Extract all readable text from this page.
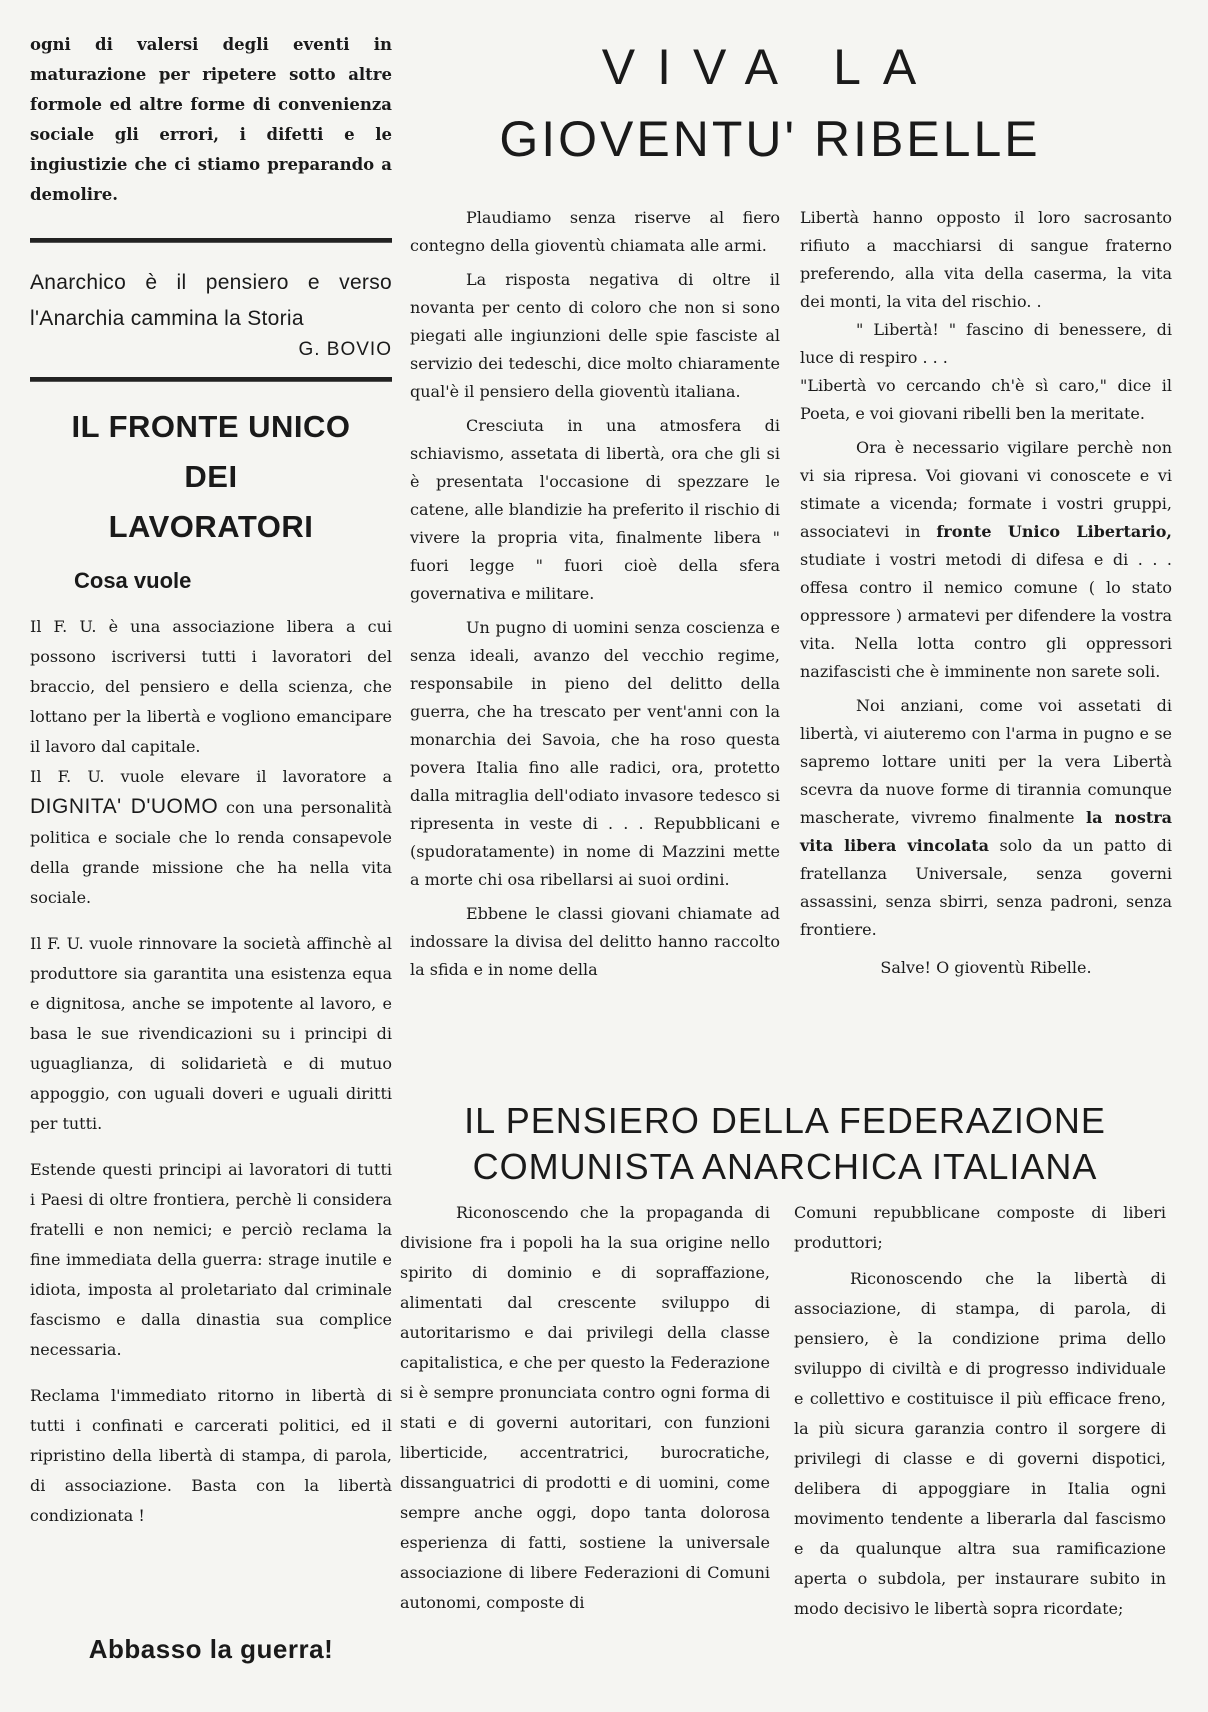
ogni di valersi degli eventi in maturazione per ripetere sotto altre formole ed altre forme di convenienza sociale gli errori, i difetti e le ingiustizie che ci stiamo preparando a demolire.

Anarchico è il pensiero e verso l'Anarchia cammina la Storia

G. BOVIO

IL FRONTE UNICO

DEI

LAVORATORI

Cosa vuole

Il F. U. è una associazione libera a cui possono iscriversi tutti i lavoratori del braccio, del pensiero e della scienza, che lottano per la libertà e vogliono emancipare il lavoro dal capitale.

Il F. U. vuole elevare il lavoratore a DIGNITA' D'UOMO con una personalità politica e sociale che lo renda consapevole della grande missione che ha nella vita sociale.

Il F. U. vuole rinnovare la società affinchè al produttore sia garantita una esistenza equa e dignitosa, anche se impotente al lavoro, e basa le sue rivendicazioni su i principi di uguaglianza, di solidarietà e di mutuo appoggio, con uguali doveri e uguali diritti per tutti.

Estende questi principi ai lavoratori di tutti i Paesi di oltre frontiera, perchè li considera fratelli e non nemici; e perciò reclama la fine immediata della guerra: strage inutile e idiota, imposta al proletariato dal criminale fascismo e dalla dinastia sua complice necessaria.

Reclama l'immediato ritorno in libertà di tutti i confinati e carcerati politici, ed il ripristino della libertà di stampa, di parola, di associazione. Basta con la libertà condizionata !

Abbasso la guerra!

VIVA LA
GIOVENTU' RIBELLE

Plaudiamo senza riserve al fiero contegno della gioventù chiamata alle armi.

La risposta negativa di oltre il novanta per cento di coloro che non si sono piegati alle ingiunzioni delle spie fasciste al servizio dei tedeschi, dice molto chiaramente qual'è il pensiero della gioventù italiana.

Cresciuta in una atmosfera di schiavismo, assetata di libertà, ora che gli si è presentata l'occasione di spezzare le catene, alle blandizie ha preferito il rischio di vivere la propria vita, finalmente libera " fuori legge " fuori cioè della sfera governativa e militare.

Un pugno di uomini senza coscienza e senza ideali, avanzo del vecchio regime, responsabile in pieno del delitto della guerra, che ha trescato per vent'anni con la monarchia dei Savoia, che ha roso questa povera Italia fino alle radici, ora, protetto dalla mitraglia dell'odiato invasore tedesco si ripresenta in veste di . . . Repubblicani e (spudoratamente) in nome di Mazzini mette a morte chi osa ribellarsi ai suoi ordini.

Ebbene le classi giovani chiamate ad indossare la divisa del delitto hanno raccolto la sfida e in nome della

Libertà hanno opposto il loro sacrosanto rifiuto a macchiarsi di sangue fraterno preferendo, alla vita della caserma, la vita dei monti, la vita del rischio. .

" Libertà! " fascino di benessere, di luce di respiro . . .

"Libertà vo cercando ch'è sì caro," dice il Poeta, e voi giovani ribelli ben la meritate.

Ora è necessario vigilare perchè non vi sia ripresa. Voi giovani vi conoscete e vi stimate a vicenda; formate i vostri gruppi, associatevi in fronte Unico Libertario, studiate i vostri metodi di difesa e di . . . offesa contro il nemico comune ( lo stato oppressore ) armatevi per difendere la vostra vita. Nella lotta contro gli oppressori nazifascisti che è imminente non sarete soli.

Noi anziani, come voi assetati di libertà, vi aiuteremo con l'arma in pugno e se sapremo lottare uniti per la vera Libertà scevra da nuove forme di tirannia comunque mascherate, vivremo finalmente la nostra vita libera vincolata solo da un patto di fratellanza Universale, senza governi assassini, senza sbirri, senza padroni, senza frontiere.

Salve! O gioventù Ribelle.

IL PENSIERO DELLA FEDERAZIONE
COMUNISTA ANARCHICA ITALIANA

Riconoscendo che la propaganda di divisione fra i popoli ha la sua origine nello spirito di dominio e di sopraffazione, alimentati dal crescente sviluppo di autoritarismo e dai privilegi della classe capitalistica, e che per questo la Federazione si è sempre pronunciata contro ogni forma di stati e di governi autoritari, con funzioni liberticide, accentratrici, burocratiche, dissanguatrici di prodotti e di uomini, come sempre anche oggi, dopo tanta dolorosa esperienza di fatti, sostiene la universale associazione di libere Federazioni di Comuni autonomi, composte di

Comuni repubblicane composte di liberi produttori;

Riconoscendo che la libertà di associazione, di stampa, di parola, di pensiero, è la condizione prima dello sviluppo di civiltà e di progresso individuale e collettivo e costituisce il più efficace freno, la più sicura garanzia contro il sorgere di privilegi di classe e di governi dispotici, delibera di appoggiare in Italia ogni movimento tendente a liberarla dal fascismo e da qualunque altra sua ramificazione aperta o subdola, per instaurare subito in modo decisivo le libertà sopra ricordate;
